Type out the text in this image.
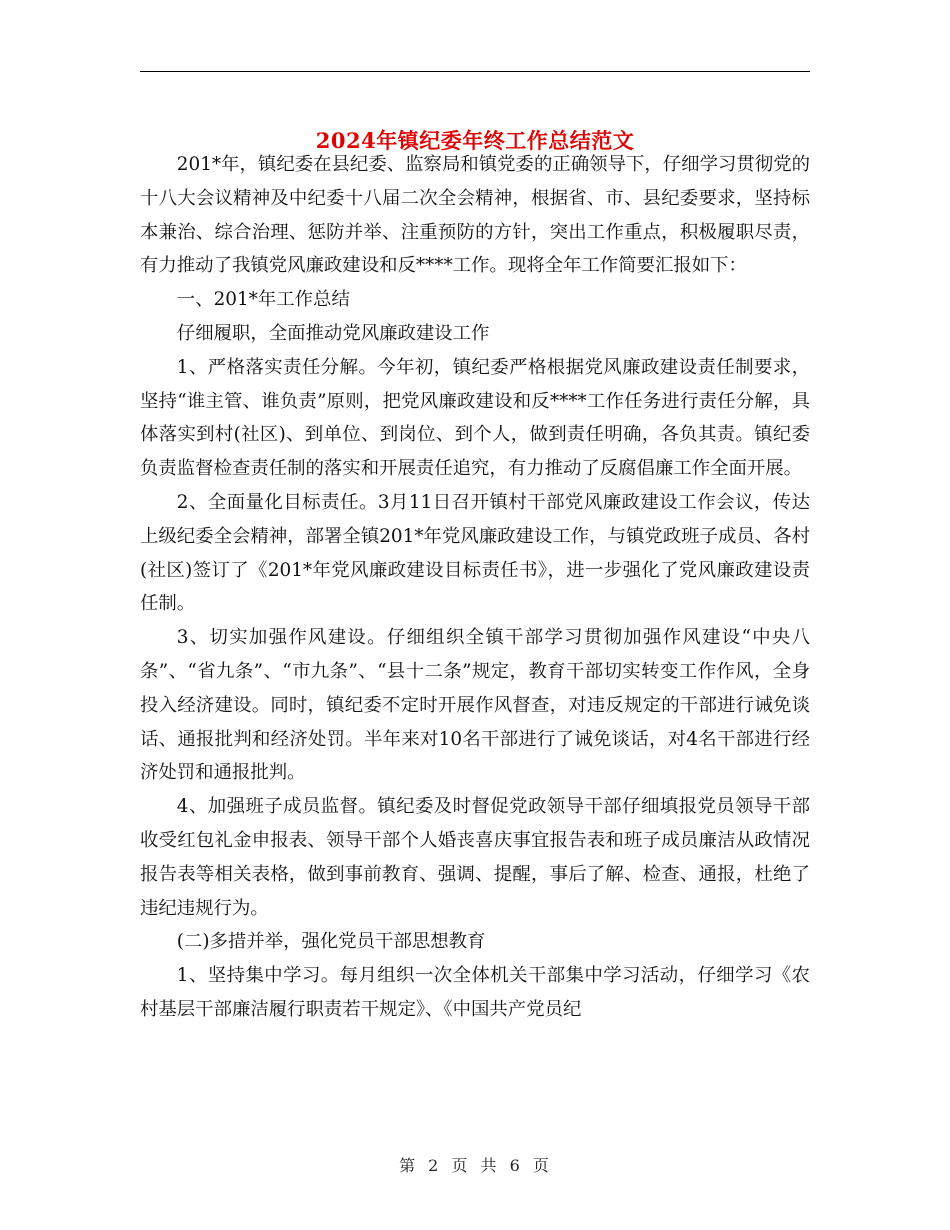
2024年镇纪委年终工作总结范文

201*年，镇纪委在县纪委、监察局和镇党委的正确领导下，仔细学习贯彻党的十八大会议精神及中纪委十八届二次全会精神，根据省、市、县纪委要求，坚持标本兼治、综合治理、惩防并举、注重预防的方针，突出工作重点，积极履职尽责，有力推动了我镇党风廉政建设和反****工作。现将全年工作简要汇报如下：

一、201*年工作总结

仔细履职，全面推动党风廉政建设工作

1、严格落实责任分解。今年初，镇纪委严格根据党风廉政建设责任制要求，坚持“谁主管、谁负责”原则，把党风廉政建设和反****工作任务进行责任分解，具体落实到村(社区)、到单位、到岗位、到个人，做到责任明确，各负其责。镇纪委负责监督检查责任制的落实和开展责任追究，有力推动了反腐倡廉工作全面开展。

2、全面量化目标责任。3月11日召开镇村干部党风廉政建设工作会议，传达上级纪委全会精神，部署全镇201*年党风廉政建设工作，与镇党政班子成员、各村(社区)签订了《201*年党风廉政建设目标责任书》，进一步强化了党风廉政建设责任制。

3、切实加强作风建设。仔细组织全镇干部学习贯彻加强作风建设“中央八条”、“省九条”、“市九条”、“县十二条”规定，教育干部切实转变工作作风，全身投入经济建设。同时，镇纪委不定时开展作风督查，对违反规定的干部进行诫免谈话、通报批判和经济处罚。半年来对10名干部进行了诫免谈话，对4名干部进行经济处罚和通报批判。

4、加强班子成员监督。镇纪委及时督促党政领导干部仔细填报党员领导干部收受红包礼金申报表、领导干部个人婚丧喜庆事宜报告表和班子成员廉洁从政情况报告表等相关表格，做到事前教育、强调、提醒，事后了解、检查、通报，杜绝了违纪违规行为。

(二)多措并举，强化党员干部思想教育

1、坚持集中学习。每月组织一次全体机关干部集中学习活动，仔细学习《农村基层干部廉洁履行职责若干规定》、《中国共产党员纪

第 2 页 共 6 页
